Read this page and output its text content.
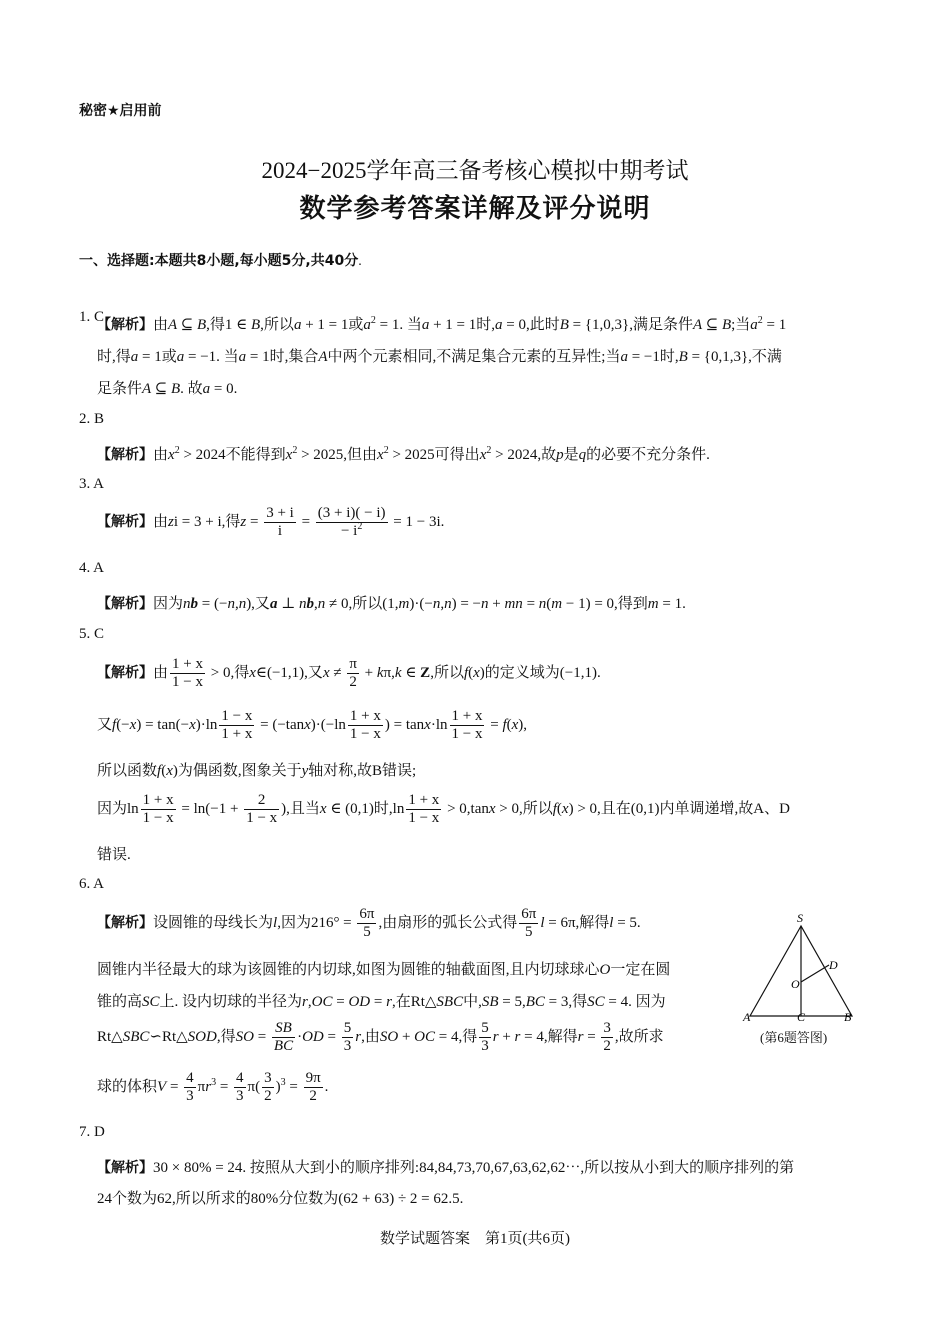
秘密★启用前
2024−2025学年高三备考核心模拟中期考试
数学参考答案详解及评分说明
一、选择题:本题共8小题,每小题5分,共40分.
1. C
【解析】由A ⊆ B,得1 ∈ B,所以a + 1 = 1或$a^2 = 1$. 当a + 1 = 1时,a = 0,此时B = {1,0,3},满足条件A ⊆ B;当$a^2 = 1$
时,得a = 1或a = −1. 当a = 1时,集合A中两个元素相同,不满足集合元素的互异性;当a = −1时,B = {0,1,3},不满
足条件A ⊆ B. 故a = 0.
2. B
【解析】由$x^2 > 2024$不能得到$x^2 > 2025$,但由$x^2 > 2025$可得出$x^2 > 2024$,故p是q的必要不充分条件.
3. A
【解析】由zi = 3 + i,得$z = \frac{3 + i}{i} = \frac{(3 + i)( - i)}{- i^2} = 1 - 3i$.
4. A
【解析】因为nb = (−n,n),又a ⊥ nb,n ≠ 0,所以(1,m)·(−n,n) = −n + mn = n(m − 1) = 0,得到m = 1.
5. C
【解析】由 $\frac{1 + x}{1 - x} > 0$,得x∈(−1,1),又$x \ne \frac{\pi}{2} + k\pi,k$ ∈ Z,所以f(x)的定义域为(−1,1).
又$f(-x) = \tan(-x)\cdot\ln \frac{1 - x}{1 + x} = (-\tan x)\cdot(-\ln \frac{1 + x}{1 - x}$ ) = $\tan x\cdot\ln \frac{1 + x}{1 - x} = f(x)$,
所以函数f(x)为偶函数,图象关于y轴对称,故B错误;
因为$\ln \frac{1 + x}{1 - x} = \ln(-1 + \frac{2}{1 - x}$ ),且当x ∈ (0,1)时$,\ln \frac{1 + x}{1 - x} > 0,\tan x > 0$,所以f(x) > 0,且在(0,1)内单调递增,故A、D
错误.
6. A
【解析】设圆锥的母线长为l,因为$216^\circ = \frac{6\pi}{5}$ ,由扇形的弧长公式得 $\frac{6\pi}{5}$ l = 6π,解得l = 5.
圆锥内半径最大的球为该圆锥的内切球,如图为圆锥的轴截面图,且内切球球心O一定在圆
锥的高SC上. 设内切球的半径为r,OC = OD = r,在Rt△SBC中,SB = 5,BC = 3,得SC = 4. 因为
Rt△SBC∽Rt△SOD,得SO = $\frac{SB}{BC} \cdot OD = \frac{5}{3} r$,由SO + OC = 4,得 $\frac{5}{3}$ r + r = 4,解得$r = \frac{3}{2}$ ,故所求
球的体积$V = \frac{4}{3} \pi r^3 = \frac{4}{3} \pi( \frac{3}{2} )^3 = \frac{9\pi}{2}$ .
S
D
O
A	C	B
(第6题答图)
7. D
【解析】30 × 80% = 24. 按照从大到小的顺序排列:84,84,73,70,67,63,62,62⋯,所以按从小到大的顺序排列的第
24个数为62,所以所求的80%分位数为(62 + 63) ÷ 2 = 62.5.
数学试题答案　第1页(共6页)
